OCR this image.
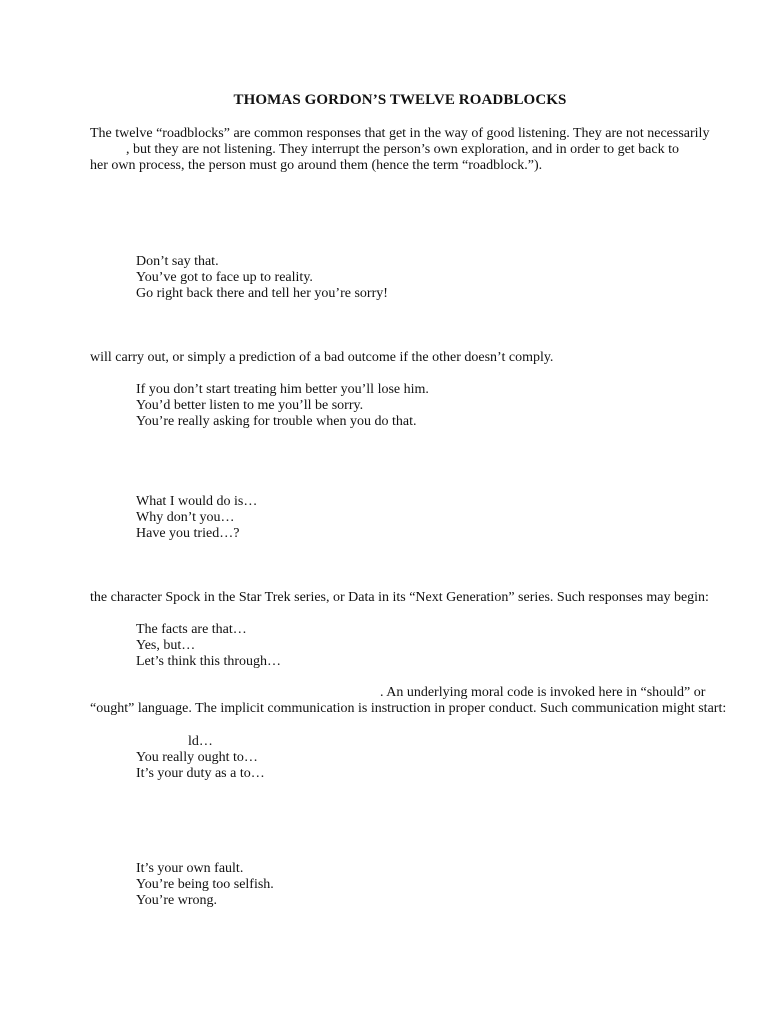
THOMAS GORDON’S TWELVE ROADBLOCKS
The twelve “roadblocks” are common responses that get in the way of good listening. They are not necessarily
, but they are not listening. They interrupt the person’s own exploration, and in order to get back to
her own process, the person must go around them (hence the term “roadblock.”).
Don’t say that.
You’ve got to face up to reality.
Go right back there and tell her you’re sorry!
will carry out, or simply a prediction of a bad outcome if the other doesn’t comply.
If you don’t start treating him better you’ll lose him.
You’d better listen to me you’ll be sorry.
You’re really asking for trouble when you do that.
What I would do is…
Why don’t you…
Have you tried…?
the character Spock in the Star Trek series, or Data in its “Next Generation” series. Such responses may begin:
The facts are that…
Yes, but…
Let’s think this through…
. An underlying moral code is invoked here in “should” or
“ought” language. The implicit communication is instruction in proper conduct. Such communication might start:
ld…
You really ought to…
It’s your duty as a to…
It’s your own fault.
You’re being too selfish.
You’re wrong.
